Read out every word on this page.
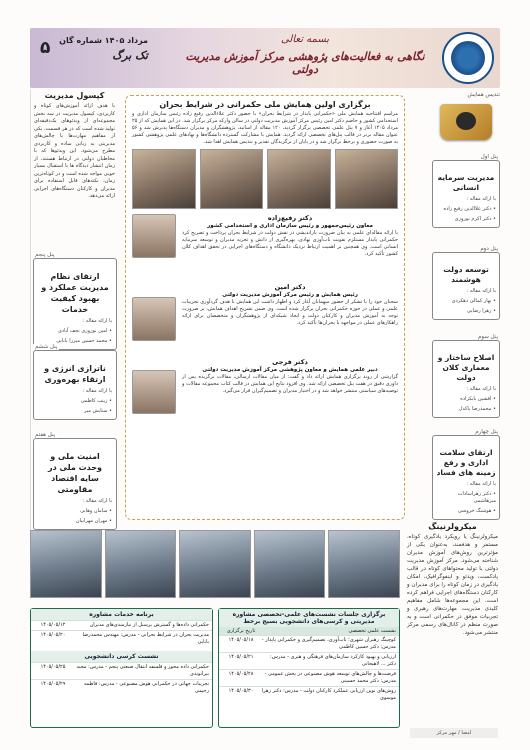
بسمه تعالی
نگاهی به فعالیت‌های پژوهشی مرکز آموزش مدیریت دولتی
۵	مرداد ۱۴۰۵ شماره گان
تک برگ
تندیس همایش
پنل اول
مدیریت سرمایه انسانی
با ارائه مقاله :
• دکتر علاالدین رفیع زاده
• دکتر اکرم نوروزی
پنل دوم
توسعه دولت هوشمند
با ارائه مقاله :
• بهار کمالی دهکردی
• زهرا رضایی
پنل سوم
اصلاح ساختار و معماری کلان دولت
با ارائه مقاله :
• افشین بابکزاده
• محمدرضا پاکدل
پنل چهارم
ارتقای سلامت اداری و رفع زمینه های فساد
با ارائه مقاله :
• دکتر زهراسادات میرهاشمی
• هوشنگ خروشی
کپسول مدیریت
با هدف ارائه آموزش‌های کوتاه و کاربردی، کپسول مدیریت در سه بخش مجموعه‌ای از ویدئوهای یک‌دقیقه‌ای تولید شده است که در هر قسمت، یکی از مفاهیم مهارت‌ها یا چالش‌های مدیریتی به زبانی ساده و کاربردی مطرح می‌شود. این ویدئوها که با مخاطبان دولتی در ارتباط هستند، از زمان انتشار دیدگاه ها با استقبال بسیار خوبی مواجه شده است و در کوتاه‌ترین زمان، نکته‌های قابل استفاده برای مدیران و کارکنان دستگاه‌های اجرایی ارائه می‌دهد.
پنل پنجم
ارتقای نظام مدیریت عملکرد و بهبود کیفیت خدمات
با ارائه مقاله :
• امین نوروزی نجف آبادی
• محمد حسین میرزا بابایی
پنل ششم
ناترازی انرژی و ارتقاء بهره‌وری
با ارائه مقاله :
• زینب کاظمی
• ستایش میر
پنل هفتم
امنیت ملی و وحدت ملی در سایه اقتصاد مقاومتی
با ارائه مقاله :
• سامان وهابی
• مهران مهرابیان
برگزاری اولین همایش ملی حکمرانی در شرایط بحران
مراسم افتتاحیه همایش ملی «حکمرانی پایدار در شرایط بحران» با حضور دکتر علاءالدین رفیع زاده رئیس سازمان اداری و استخدامی کشور و حاضم دکتر امین رئیس مرکز آموزش مدیریت دولتی در سالن وارکه مرکز برگزار شد. در این همایش که از ۲۵ مرداد ۱۴۰۵ آغاز و ۷ پنل علمی تخصصی برگزار گردید، ۱۲۰ مقاله از اساتید، پژوهشگران و مدیران دستگاه‌ها پذیرش شد و ۵۶ عنوان مقاله برتر در قالب پنل‌های تخصصی ارائه گردید. همایش با مشارکت گسترده دانشگاه‌ها و نهادهای علمی پژوهشی کشور به صورت حضوری و برخط برگزار شد و در پایان از برگزیدگان تقدیر و تندیس همایش اهدا شد.
دکتر رفیع‌زاده
معاون رئیس‌جمهور و رئیس سازمان اداری و استخدامی کشور
با ارائه مقاله‌ای علمی به بیان ضرورت بازاندیشی در نقش دولت در شرایط بحران پرداخت و تصریح کرد حکمرانی پایدار مستلزم تقویت تاب‌آوری نهادی، بهره‌گیری از دانش و تجربه مدیران و توسعه سرمایه انسانی است. وی همچنین بر اهمیت ارتباط نزدیک دانشگاه و دستگاه‌های اجرایی در تحقق اهداف کلان کشور تأکید کرد.
دکتر امین
رئیس همایش و رئیس مرکز آموزش مدیریت دولتی
سخنان خود را با تشکر از حضور میهمانان آغاز کرد و اظهار داشت این همایش با هدف گردآوری تجربیات علمی و عملی در حوزه حکمرانی بحران برگزار شده است. وی ضمن تشریح اهداف همایش، بر ضرورت توجه به آموزش مدیران و کارکنان دولت و ایجاد شبکه‌ای از پژوهشگران و متخصصان برای ارائه راهکارهای عملی در مواجهه با بحران‌ها تأکید کرد.
دکتر فرجی
دبیر علمی همایش و معاون پژوهشی مرکز آموزش مدیریت دولتی
گزارشی از روند برگزاری همایش ارائه داد و گفت: از میان مقالات ارسالی، مقالات برگزیده پس از داوری دقیق در هفت پنل تخصصی ارائه شد. وی افزود نتایج این همایش در قالب کتاب مجموعه مقالات و توصیه‌های سیاستی منتشر خواهد شد و در اختیار مدیران و تصمیم‌گیران قرار می‌گیرد.
میکرولرنینگ
میکرولرنینگ یا رویکرد یادگیری کوتاه، مستمر و هدفمند، به‌عنوان یکی از مؤثرترین روش‌های آموزش مدیران شناخته می‌شود. مرکز آموزش مدیریت دولتی با تولید محتواهای کوتاه در قالب پادکست، ویدئو و اینفوگرافیک، امکان یادگیری در زمان کوتاه را برای مدیران و کارکنان دستگاه‌های اجرایی فراهم کرده است. این مجموعه‌ها شامل مفاهیم کلیدی مدیریت، مهارت‌های رهبری و تجربیات موفق در حکمرانی است و به صورت منظم در کانال‌های رسمی مرکز منتشر می‌شود.
برگزاری جلسات نشست‌های علمی-تخصصی مشاوره مدیریتی و کرسی‌های دانشجویی بسیج برخط
نشست علمی تخصصی
تاریخ برگزاری
کوچینگ رهبران شهری؛ تاب‌آوری، تصمیم‌گیری و حکمرانی پایدار - مدرس: دکتر حسین کاظمی
۱۴۰۵/۰۵/۱۸
ارزیابی و بهبود کارکرد سازمان‌های فرهنگی و هنری - مدرس: دکتر ... لاهیجانی
۱۴۰۵/۰۵/۲۱
فرصت‌ها و چالش‌های توسعه هوش مصنوعی در بخش عمومی - مدرس: دکتر محمد حسینی
۱۴۰۵/۰۵/۲۸
روش‌های نوین ارزیابی عملکرد کارکنان دولت - مدرس: دکتر زهرا موسوی
۱۴۰۵/۰۵/۳۰
برنامه خدمات مشاوره
حکمرانی داده‌ها و گسترش پرسنل از نیازمندی‌های مدیران
۱۴۰۵/۰۵/۱۲
مدیریت بحران در شرایط بحرانی - مدرس: مهندس محمدرضا بابایی
۱۴۰۵/۰۵/۲۰
نشست کرسی دانشجویی
حکمرانی داده محور و فلسفه انتقال صنعتی پنجم - مدرس: مجید بیرانوندی
۱۴۰۵/۰۵/۲۵
تجربیات جهانی در حکمرانی هوش مصنوعی - مدرس: فاطمه رحیمی
۱۴۰۵/۰۵/۲۹
امضا / مهر مرکز
